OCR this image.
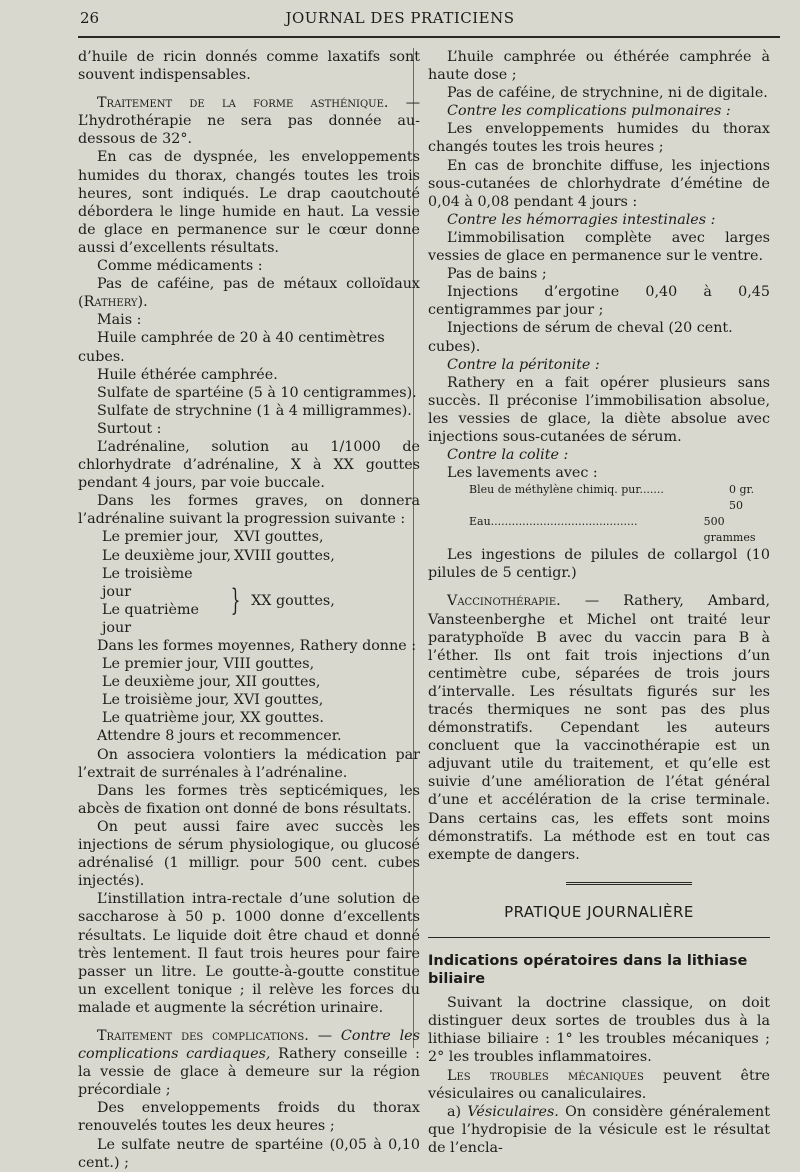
26	JOURNAL DES PRATICIENS

d’huile de ricin donnés comme laxatifs sont souvent indispensables.

Traitement de la forme asthénique. — L’hydrothérapie ne sera pas donnée au-dessous de 32°.

En cas de dyspnée, les enveloppements humides du thorax, changés toutes les trois heures, sont indiqués. Le drap caoutchouté débordera le linge humide en haut. La vessie de glace en permanence sur le cœur donne aussi d’excellents résultats.

Comme médicaments :

Pas de caféine, pas de métaux colloïdaux (Rathery).

Mais :

Huile camphrée de 20 à 40 centimètres cubes.

Huile éthérée camphrée.

Sulfate de spartéine (5 à 10 centigrammes).

Sulfate de strychnine (1 à 4 milligrammes).

Surtout :

L’adrénaline, solution au 1/1000 de chlorhydrate d’adrénaline, X à XX gouttes pendant 4 jours, par voie buccale.

Dans les formes graves, on donnera l’adrénaline suivant la progression suivante :

Le premier jour,	XVI gouttes,
Le deuxième jour, XVIII gouttes,
Le troisième jour
Le quatrième jour
} XX gouttes,

Dans les formes moyennes, Rathery donne :

Le premier jour, VIII gouttes,
Le deuxième jour, XII gouttes,
Le troisième jour, XVI gouttes,
Le quatrième jour, XX gouttes.

Attendre 8 jours et recommencer.

On associera volontiers la médication par l’extrait de surrénales à l’adrénaline.

Dans les formes très septicémiques, les abcès de fixation ont donné de bons résultats.

On peut aussi faire avec succès les injections de sérum physiologique, ou glucosé adrénalisé (1 milligr. pour 500 cent. cubes injectés).

L’instillation intra-rectale d’une solution de saccharose à 50 p. 1000 donne d’excellents résultats. Le liquide doit être chaud et donné très lentement. Il faut trois heures pour faire passer un litre. Le goutte-à-goutte constitue un excellent tonique ; il relève les forces du malade et augmente la sécrétion urinaire.

Traitement des complications. — Contre les complications cardiaques, Rathery conseille : la vessie de glace à demeure sur la région précordiale ;

Des enveloppements froids du thorax renouvelés toutes les deux heures ;

Le sulfate neutre de spartéine (0,05 à 0,10 cent.) ;

L’huile camphrée ou éthérée camphrée à haute dose ;

Pas de caféine, de strychnine, ni de digitale.

Contre les complications pulmonaires :

Les enveloppements humides du thorax changés toutes les trois heures ;

En cas de bronchite diffuse, les injections sous-cutanées de chlorhydrate d’émétine de 0,04 à 0,08 pendant 4 jours :

Contre les hémorragies intestinales :

L’immobilisation complète avec larges vessies de glace en permanence sur le ventre.

Pas de bains ;

Injections d’ergotine 0,40 à 0,45 centigrammes par jour ;

Injections de sérum de cheval (20 cent. cubes).

Contre la péritonite :

Rathery en a fait opérer plusieurs sans succès. Il préconise l’immobilisation absolue, les vessies de glace, la diète absolue avec injections sous-cutanées de sérum.

Contre la colite :

Les lavements avec :

Bleu de méthylène chimiq. pur.......	0 gr. 50
Eau..........................................	500 grammes

Les ingestions de pilules de collargol (10 pilules de 5 centigr.)

Vaccinothérapie. — Rathery, Ambard, Vansteenberghe et Michel ont traité leur paratyphoïde B avec du vaccin para B à l’éther. Ils ont fait trois injections d’un centimètre cube, séparées de trois jours d’intervalle. Les résultats figurés sur les tracés thermiques ne sont pas des plus démonstratifs. Cependant les auteurs concluent que la vaccinothérapie est un adjuvant utile du traitement, et qu’elle est suivie d’une amélioration de l’état général d’une et accélération de la crise terminale. Dans certains cas, les effets sont moins démonstratifs. La méthode est en tout cas exempte de dangers.

PRATIQUE JOURNALIÈRE
Indications opératoires dans la lithiase biliaire

Suivant la doctrine classique, on doit distinguer deux sortes de troubles dus à la lithiase biliaire : 1° les troubles mécaniques ; 2° les troubles inflammatoires.

Les troubles mécaniques peuvent être vésiculaires ou canaliculaires.

a) Vésiculaires. On considère généralement que l’hydropisie de la vésicule est le résultat de l’encla-
